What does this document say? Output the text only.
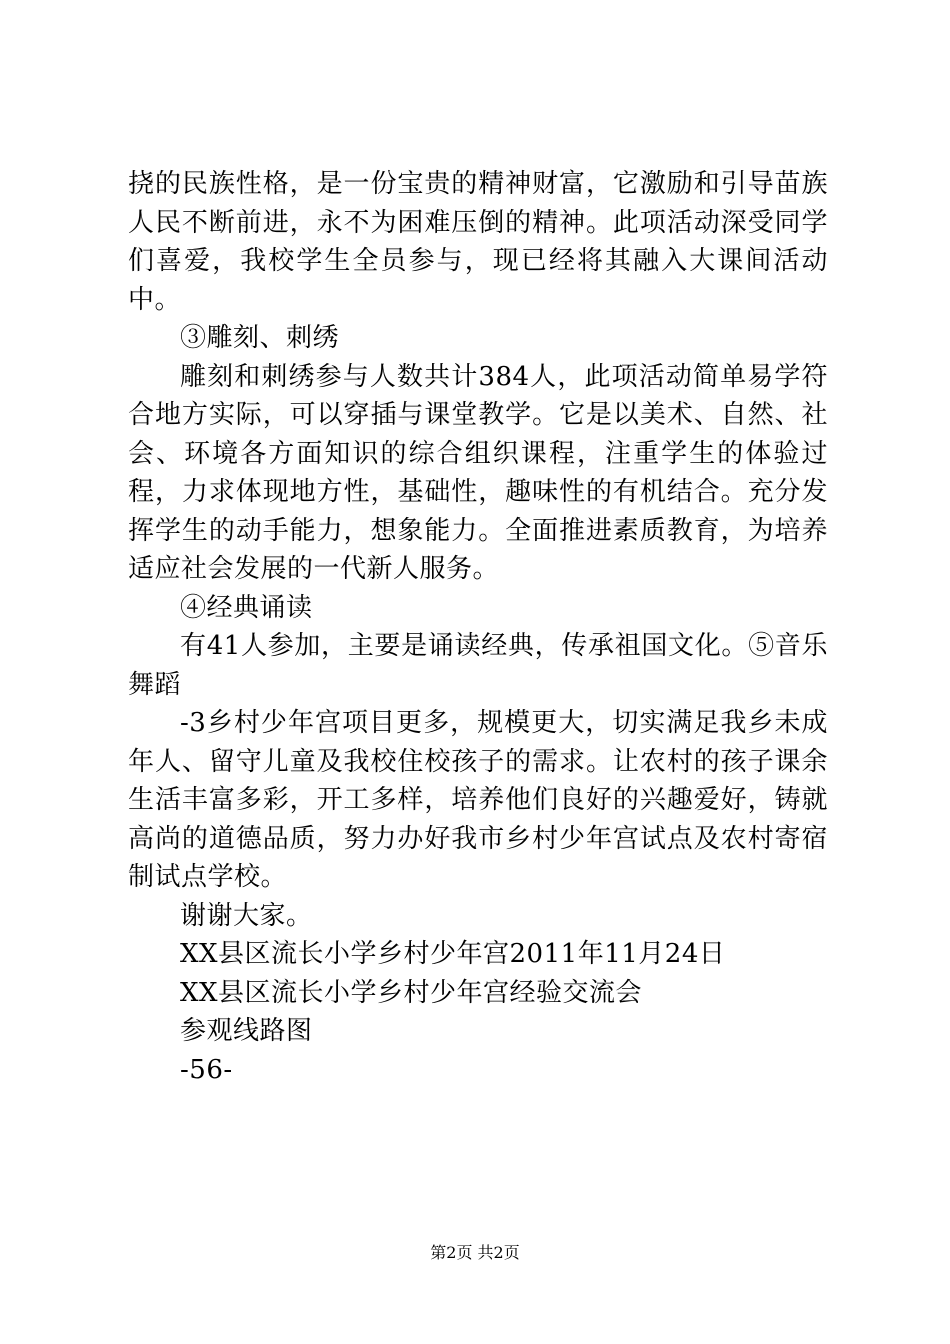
挠的民族性格，是一份宝贵的精神财富，它激励和引导苗族人民不断前进，永不为困难压倒的精神。此项活动深受同学们喜爱，我校学生全员参与，现已经将其融入大课间活动中。

③雕刻、刺绣

雕刻和刺绣参与人数共计384人，此项活动简单易学符合地方实际，可以穿插与课堂教学。它是以美术、自然、社会、环境各方面知识的综合组织课程，注重学生的体验过程，力求体现地方性，基础性，趣味性的有机结合。充分发挥学生的动手能力，想象能力。全面推进素质教育，为培养适应社会发展的一代新人服务。

④经典诵读

有41人参加，主要是诵读经典，传承祖国文化。⑤音乐舞蹈

-3乡村少年宫项目更多，规模更大，切实满足我乡未成年人、留守儿童及我校住校孩子的需求。让农村的孩子课余生活丰富多彩，开工多样，培养他们良好的兴趣爱好，铸就高尚的道德品质，努力办好我市乡村少年宫试点及农村寄宿制试点学校。

谢谢大家。

XX县区流长小学乡村少年宫2011年11月24日

XX县区流长小学乡村少年宫经验交流会

参观线路图

-56-

第2页 共2页
